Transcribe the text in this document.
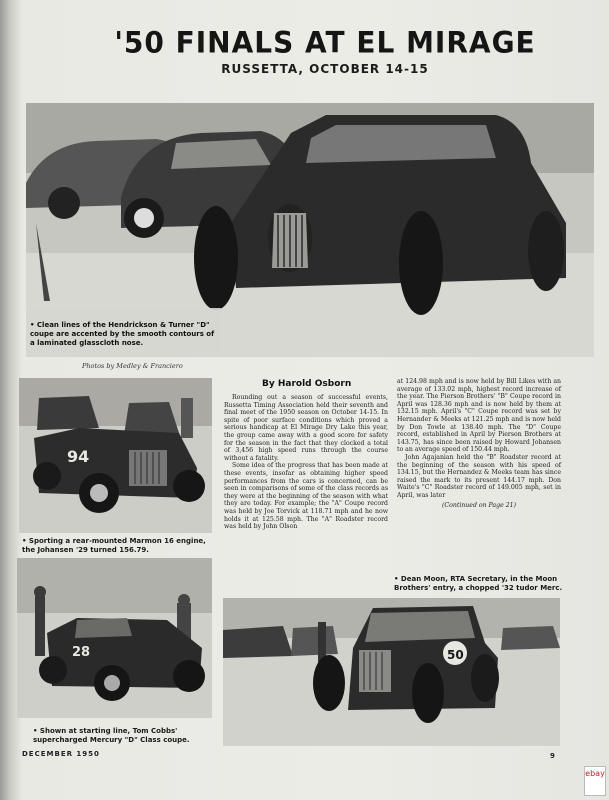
'50 FINALS AT EL MIRAGE
RUSSETTA, OCTOBER 14-15
• Clean lines of the Hendrickson & Turner "D" coupe are accented by the smooth contours of a laminated glasscloth nose.
Photos by Medley & Franciero
94
• Sporting a rear-mounted Marmon 16 engine, the Johansen '29 turned 156.79.
28
• Shown at starting line, Tom Cobbs' supercharged Mercury "D" Class coupe.
By Harold Osborn

Rounding out a season of successful events, Russetta Timing Association held their seventh and final meet of the 1950 season on October 14-15. In spite of poor surface conditions which proved a serious handicap at El Mirage Dry Lake this year, the group came away with a good score for safety for the season in the fact that they clocked a total of 3,456 high speed runs through the course without a fatality.

Some idea of the progress that has been made at these events, insofar as obtaining higher speed performances from the cars is concerned, can be seen in comparisons of some of the class records as they were at the beginning of the season with what they are today. For example; the "A" Coupe record was held by Joe Torvick at 118.71 mph and he now holds it at 125.58 mph. The "A" Roadster record was held by John Olson

at 124.98 mph and is now held by Bill Likes with an average of 133.02 mph, highest record increase of the year. The Pierson Brothers' "B" Coupe record in April was 128.36 mph and is now held by them at 132.15 mph. April's "C" Coupe record was set by Hernander & Meeks at 121.25 mph and is now held by Don Towle at 138.40 mph. The "D" Coupe record, established in April by Pierson Brothers at 143.75, has since been raised by Howard Johansen to an average speed of 150.44 mph.

John Agajanian held the "B" Roadster record at the beginning of the season with his speed of 134.15, but the Hernandez & Meeks team has since raised the mark to its present 144.17 mph. Don Waite's "C" Roadster record of 149.005 mph, set in April, was later

(Continued on Page 21)
• Dean Moon, RTA Secretary, in the Moon Brothers' entry, a chopped '32 tudor Merc.
50
DECEMBER 1950	9
ebay
